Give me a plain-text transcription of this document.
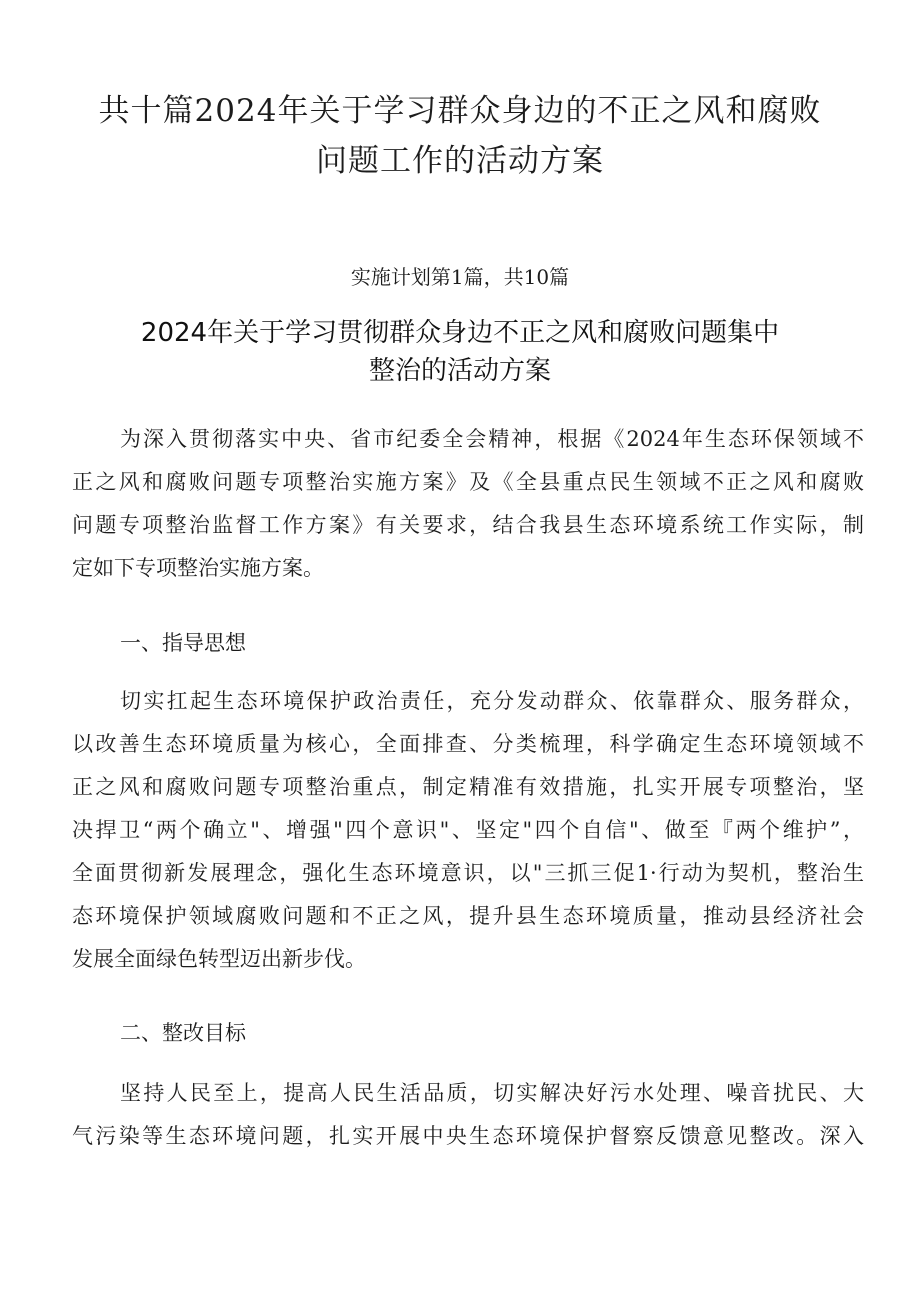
共十篇2024年关于学习群众身边的不正之风和腐败
问题工作的活动方案
实施计划第1篇，共10篇
2024年关于学习贯彻群众身边不正之风和腐败问题集中
整治的活动方案
为深入贯彻落实中央、省市纪委全会精神，根据《2024年生态环保领域不
正之风和腐败问题专项整治实施方案》及《全县重点民生领域不正之风和腐败
问题专项整治监督工作方案》有关要求，结合我县生态环境系统工作实际，制
定如下专项整治实施方案。
一、指导思想
切实扛起生态环境保护政治责任，充分发动群众、依靠群众、服务群众，
以改善生态环境质量为核心，全面排查、分类梳理，科学确定生态环境领域不
正之风和腐败问题专项整治重点，制定精准有效措施，扎实开展专项整治，坚
决捍卫“两个确立"、增强"四个意识"、坚定"四个自信"、做至『两个维护”，
全面贯彻新发展理念，强化生态环境意识，以"三抓三促1·行动为契机，整治生
态环境保护领域腐败问题和不正之风，提升县生态环境质量，推动县经济社会
发展全面绿色转型迈出新步伐。
二、整改目标
坚持人民至上，提高人民生活品质，切实解决好污水处理、噪音扰民、大
气污染等生态环境问题，扎实开展中央生态环境保护督察反馈意见整改。深入
